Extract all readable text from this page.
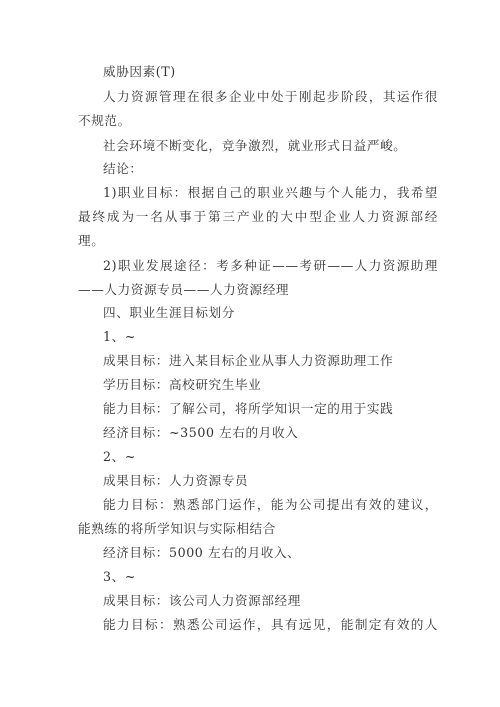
威胁因素(T)
人力资源管理在很多企业中处于刚起步阶段，其运作很
不规范。
社会环境不断变化，竞争激烈，就业形式日益严峻。
结论：
1)职业目标：根据自己的职业兴趣与个人能力，我希望
最终成为一名从事于第三产业的大中型企业人力资源部经
理。
2)职业发展途径：考多种证——考研——人力资源助理
——人力资源专员——人力资源经理
四、职业生涯目标划分
1、~
成果目标：进入某目标企业从事人力资源助理工作
学历目标：高校研究生毕业
能力目标：了解公司，将所学知识一定的用于实践
经济目标：~3500 左右的月收入
2、~
成果目标：人力资源专员
能力目标：熟悉部门运作，能为公司提出有效的建议，
能熟练的将所学知识与实际相结合
经济目标：5000 左右的月收入、
3、~
成果目标：该公司人力资源部经理
能力目标：熟悉公司运作，具有远见，能制定有效的人
